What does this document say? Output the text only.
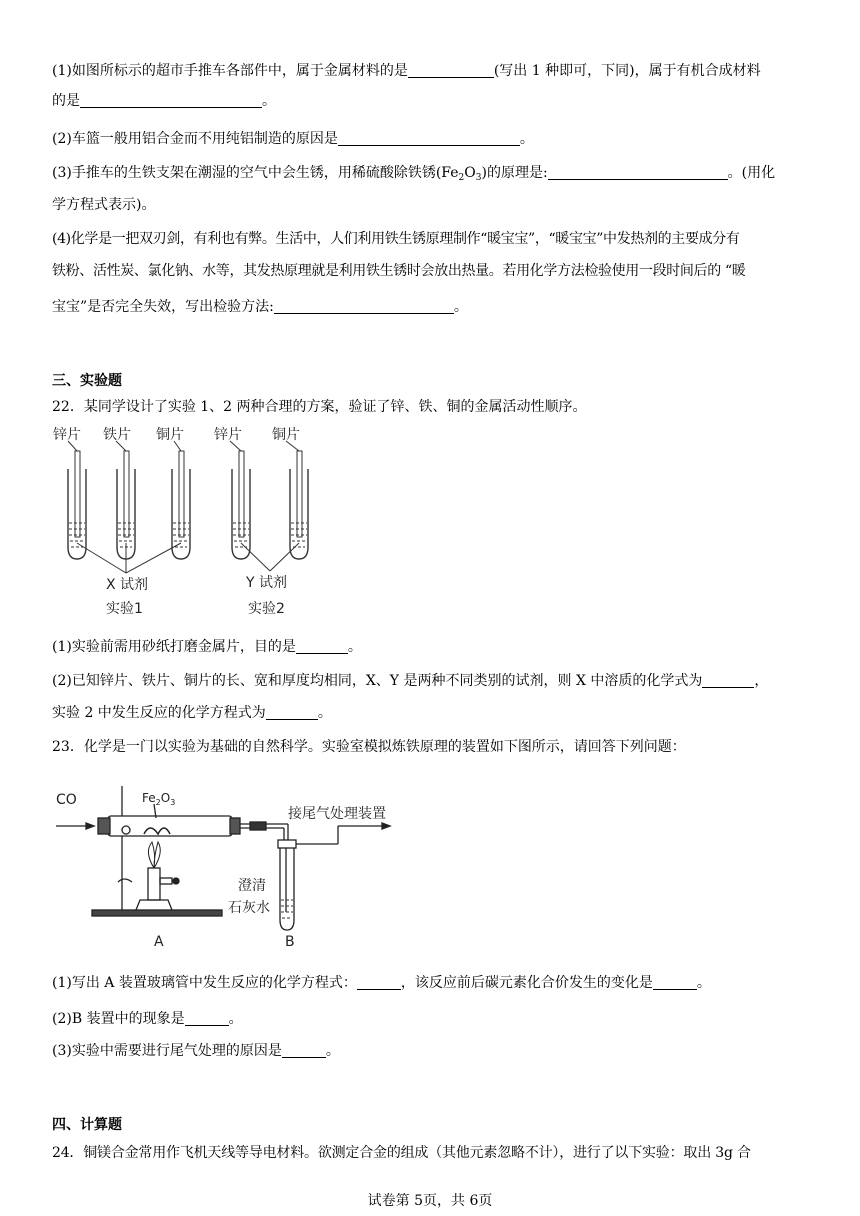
(1)如图所标示的超市手推车各部件中，属于金属材料的是	(写出 1 种即可，下同)，属于有机合成材料

的是	。

(2)车篮一般用铝合金而不用纯铝制造的原因是	。

(3)手推车的生铁支架在潮湿的空气中会生锈，用稀硫酸除铁锈$(Fe_2O_3)$的原理是:	。(用化

学方程式表示)。

(4)化学是一把双刃剑，有利也有弊。生活中，人们利用铁生锈原理制作“暖宝宝”，“暖宝宝”中发热剂的主要成分有

铁粉、活性炭、氯化钠、水等，其发热原理就是利用铁生锈时会放出热量。若用化学方法检验使用一段时间后的 “暖

宝宝”是否完全失效，写出检验方法:	。

三、实验题

22．某同学设计了实验 1、2 两种合理的方案，验证了锌、铁、铜的金属活动性顺序。

锌片 铁片 铜片 锌片 铜片
X 试剂
实验1
Y 试剂
实验2

(1)实验前需用砂纸打磨金属片，目的是	。

(2)已知锌片、铁片、铜片的长、宽和厚度均相同，X、Y 是两种不同类别的试剂，则 X 中溶质的化学式为	，

实验 2 中发生反应的化学方程式为	。

23．化学是一门以实验为基础的自然科学。实验室模拟炼铁原理的装置如下图所示，请回答下列问题：

CO
接尾气处理装置
澄清
石灰水
A	B
$Fe_2O_3$

(1)写出 A 装置玻璃管中发生反应的化学方程式：	，该反应前后碳元素化合价发生的变化是	。

(2)B 装置中的现象是	。

(3)实验中需要进行尾气处理的原因是	。

四、计算题

24．铜镁合金常用作飞机天线等导电材料。欲测定合金的组成（其他元素忽略不计），进行了以下实验：取出 3g 合

试卷第 5页，共 6页
